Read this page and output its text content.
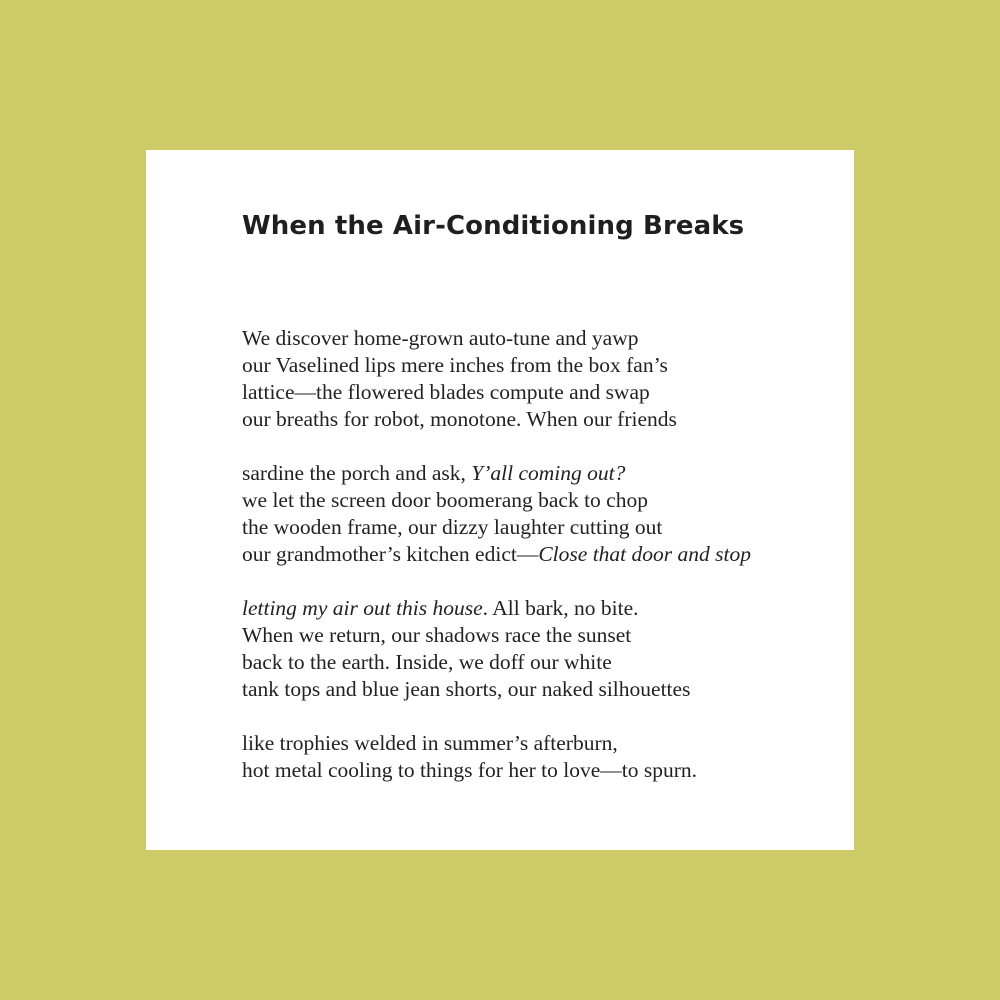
When the Air-Conditioning Breaks
We discover home-grown auto-tune and yawp
our Vaselined lips mere inches from the box fan’s
lattice—the flowered blades compute and swap
our breaths for robot, monotone. When our friends
sardine the porch and ask, Y’all coming out?
we let the screen door boomerang back to chop
the wooden frame, our dizzy laughter cutting out
our grandmother’s kitchen edict—Close that door and stop
letting my air out this house. All bark, no bite.
When we return, our shadows race the sunset
back to the earth. Inside, we doff our white
tank tops and blue jean shorts, our naked silhouettes
like trophies welded in summer’s afterburn,
hot metal cooling to things for her to love—to spurn.
